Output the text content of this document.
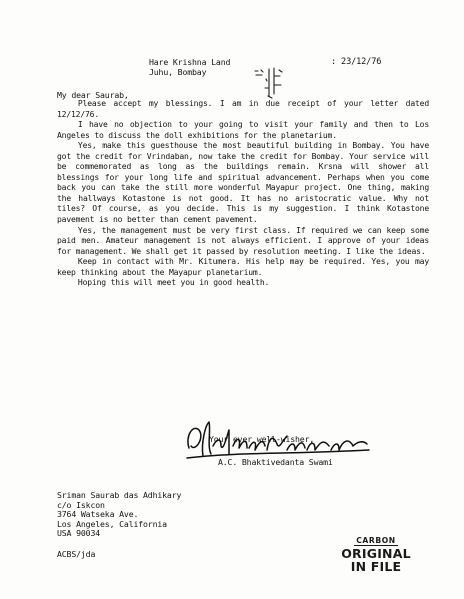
Hare Krishna Land
Juhu, Bombay
: 23/12/76
My dear Saurab,

Please accept my blessings. I am in due receipt of your letter dated 12/12/76.

I have no objection to your going to visit your family and then to Los Angeles to discuss the doll exhibitions for the planetarium.

Yes, make this guesthouse the most beautiful building in Bombay. You have got the credit for Vrindaban, now take the credit for Bombay. Your service will be commemorated as long as the buildings remain. Krsna will shower all blessings for your long life and spiritual advancement. Perhaps when you come back you can take the still more wonderful Mayapur project. One thing, making the hallways Kotastone is not good. It has no aristocratic value. Why not tiles? Of course, as you decide. This is my suggestion. I think Kotastone pavement is no better than cement pavement.

Yes, the management must be very first class. If required we can keep some paid men. Amateur management is not always efficient. I approve of your ideas for management. We shall get it passed by resolution meeting. I like the ideas.

Keep in contact with Mr. Kitumera. His help may be required. Yes, you may keep thinking about the Mayapur planetarium.

Hoping this will meet you in good health.

Your ever well-wisher,
A.C. Bhaktivedanta Swami
Sriman Saurab das Adhikary
c/o Iskcon
3764 Watseka Ave.
Los Angeles, California
USA 90034
ACBS/jda
CARBON
ORIGINAL
IN FILE
